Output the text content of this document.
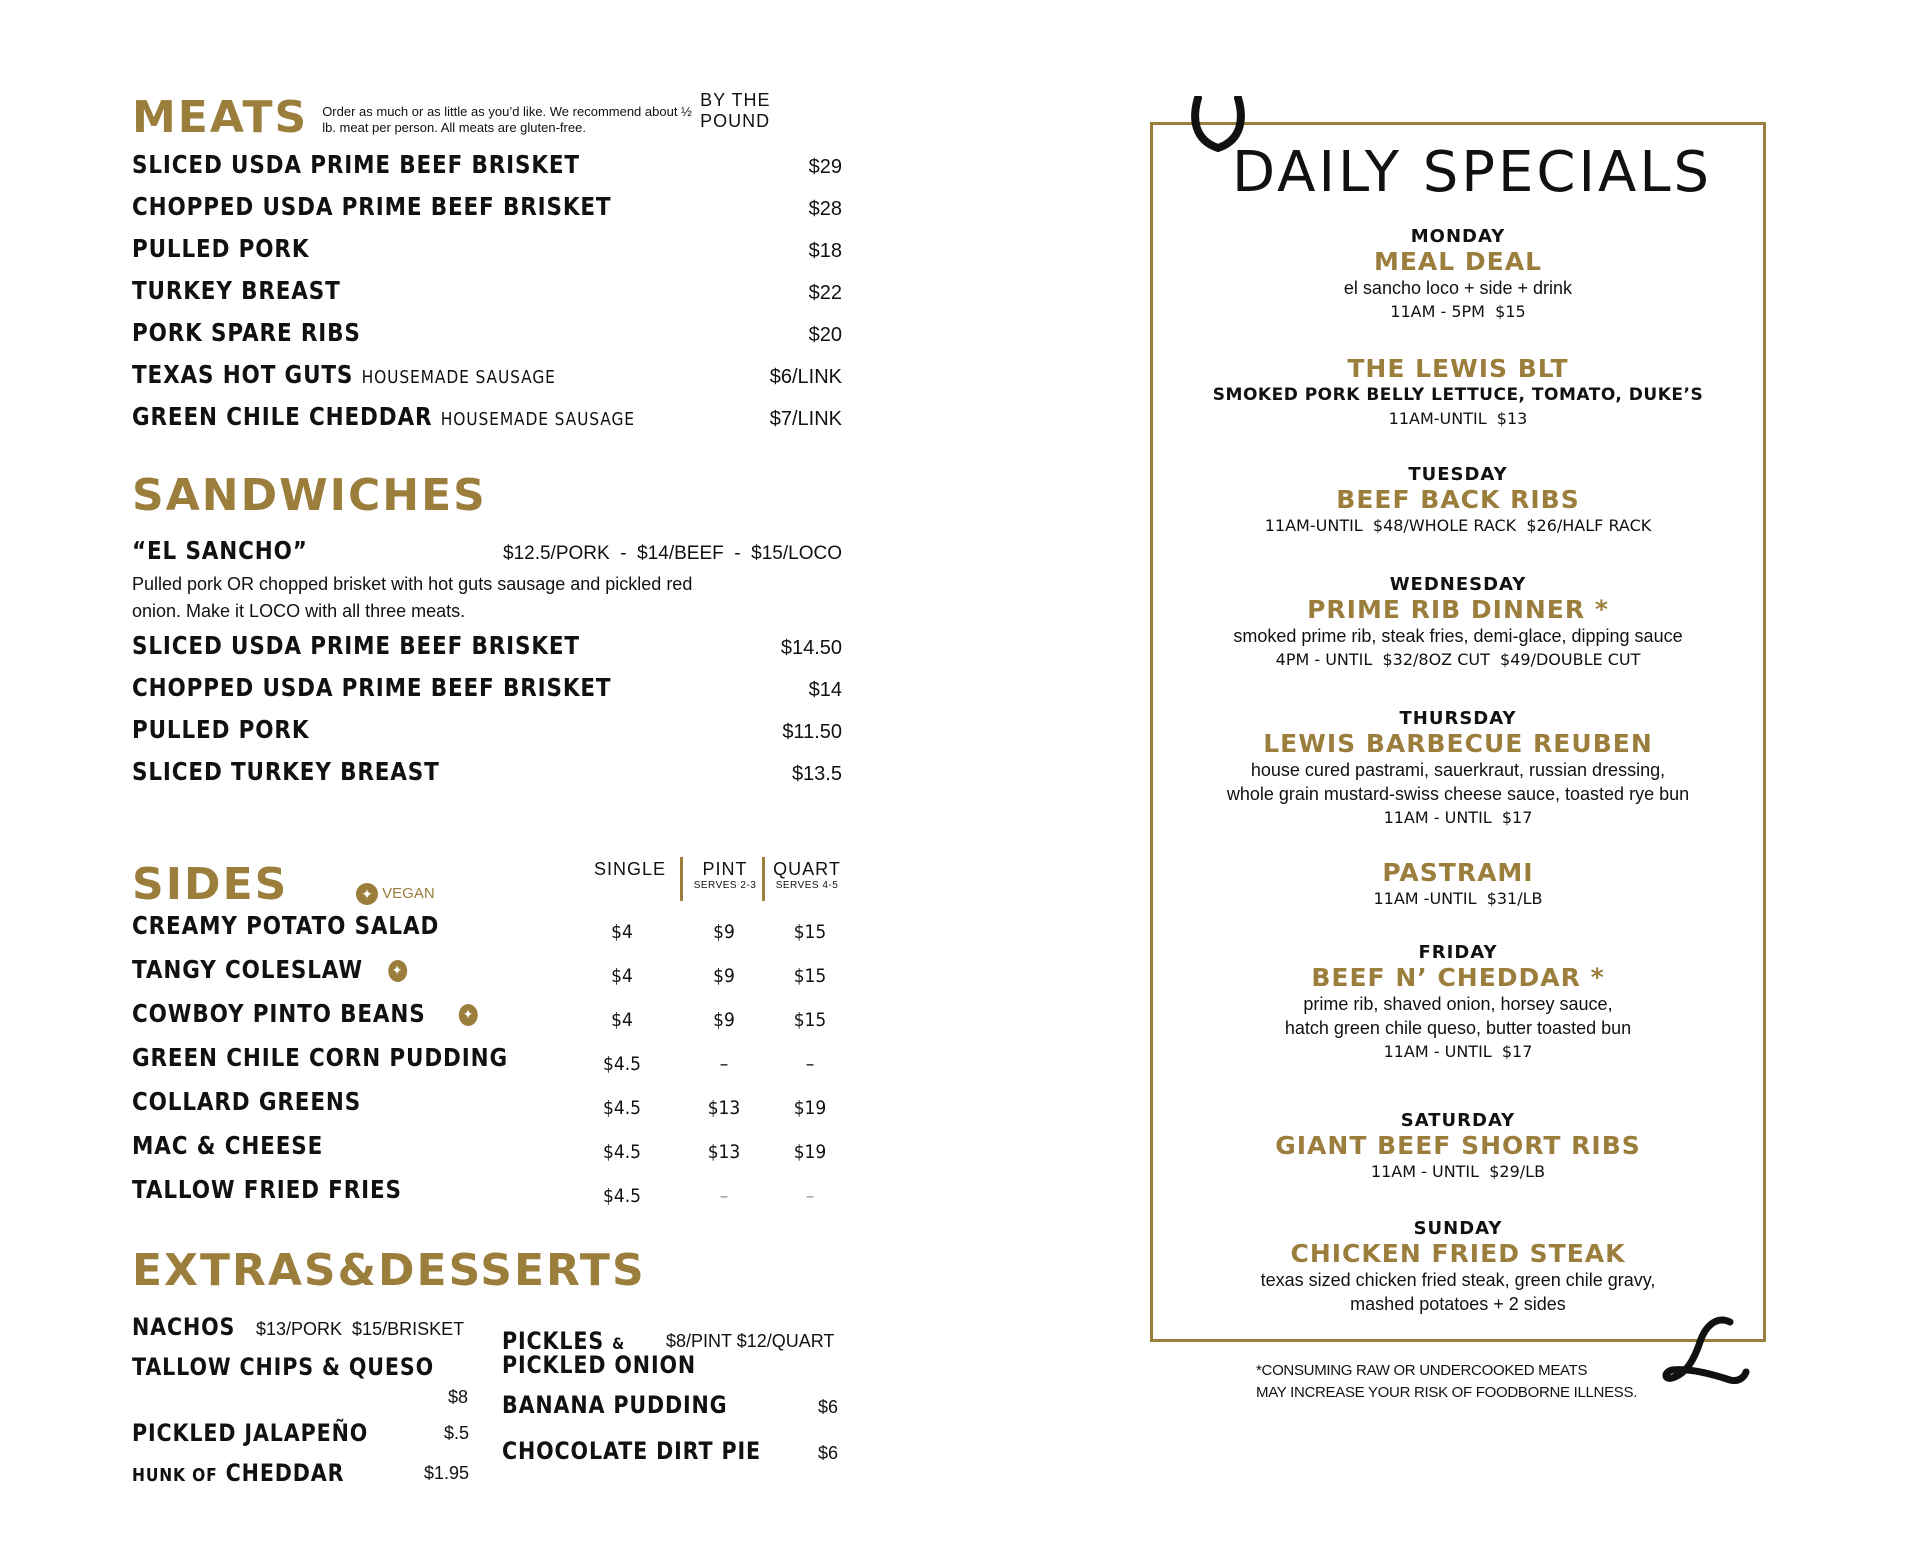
MEATS Order as much or as little as you’d like. We recommend about ½ lb. meat per person. All meats are gluten-free.
BY THE POUND
SLICED USDA PRIME BEEF BRISKET	$29
CHOPPED USDA PRIME BEEF BRISKET	$28
PULLED PORK	$18
TURKEY BREAST	$22
PORK SPARE RIBS	$20
TEXAS HOT GUTS HOUSEMADE SAUSAGE	$6/LINK
GREEN CHILE CHEDDAR HOUSEMADE SAUSAGE	$7/LINK
SANDWICHES
“EL SANCHO”	$12.5/PORK  -  $14/BEEF  -  $15/LOCO
Pulled pork OR chopped brisket with hot guts sausage and pickled red onion. Make it LOCO with all three meats.
SLICED USDA PRIME BEEF BRISKET	$14.50
CHOPPED USDA PRIME BEEF BRISKET	$14
PULLED PORK	$11.50
SLICED TURKEY BREAST	$13.5
SIDES	✦ VEGAN
SINGLE	PINT
SERVES 2-3
QUART
SERVES 4-5
CREAMY POTATO SALAD	$4	$9	$15
TANGY COLESLAW ✦	$4	$9	$15
COWBOY PINTO BEANS	✦	$4	$9	$15
GREEN CHILE CORN PUDDING	$4.5	–	–
COLLARD GREENS	$4.5	$13	$19
MAC & CHEESE	$4.5	$13	$19
TALLOW FRIED FRIES	$4.5	–	–
EXTRAS&DESSERTS
NACHOS $13/PORK  $15/BRISKET
TALLOW CHIPS & QUESO
$8
PICKLED JALAPEÑO	$.5
HUNK OF CHEDDAR	$1.95
PICKLES &
PICKLED ONION
$8/PINT $12/QUART
BANANA PUDDING	$6
CHOCOLATE DIRT PIE	$6
DAILY SPECIALS
MONDAY
MEAL DEAL
el sancho loco + side + drink
11AM - 5PM  $15
THE LEWIS BLT
SMOKED PORK BELLY LETTUCE, TOMATO, DUKE’S
11AM-UNTIL  $13
TUESDAY
BEEF BACK RIBS
11AM-UNTIL  $48/WHOLE RACK  $26/HALF RACK
WEDNESDAY
PRIME RIB DINNER *
smoked prime rib, steak fries, demi-glace, dipping sauce
4PM - UNTIL  $32/8OZ CUT  $49/DOUBLE CUT
THURSDAY
LEWIS BARBECUE REUBEN
house cured pastrami, sauerkraut, russian dressing,
whole grain mustard-swiss cheese sauce, toasted rye bun
11AM - UNTIL  $17
PASTRAMI
11AM -UNTIL  $31/LB
FRIDAY
BEEF N’ CHEDDAR *
prime rib, shaved onion, horsey sauce,
hatch green chile queso, butter toasted bun
11AM - UNTIL  $17
SATURDAY
GIANT BEEF SHORT RIBS
11AM - UNTIL  $29/LB
SUNDAY
CHICKEN FRIED STEAK
texas sized chicken fried steak, green chile gravy,
mashed potatoes + 2 sides
*CONSUMING RAW OR UNDERCOOKED MEATS
MAY INCREASE YOUR RISK OF FOODBORNE ILLNESS.
